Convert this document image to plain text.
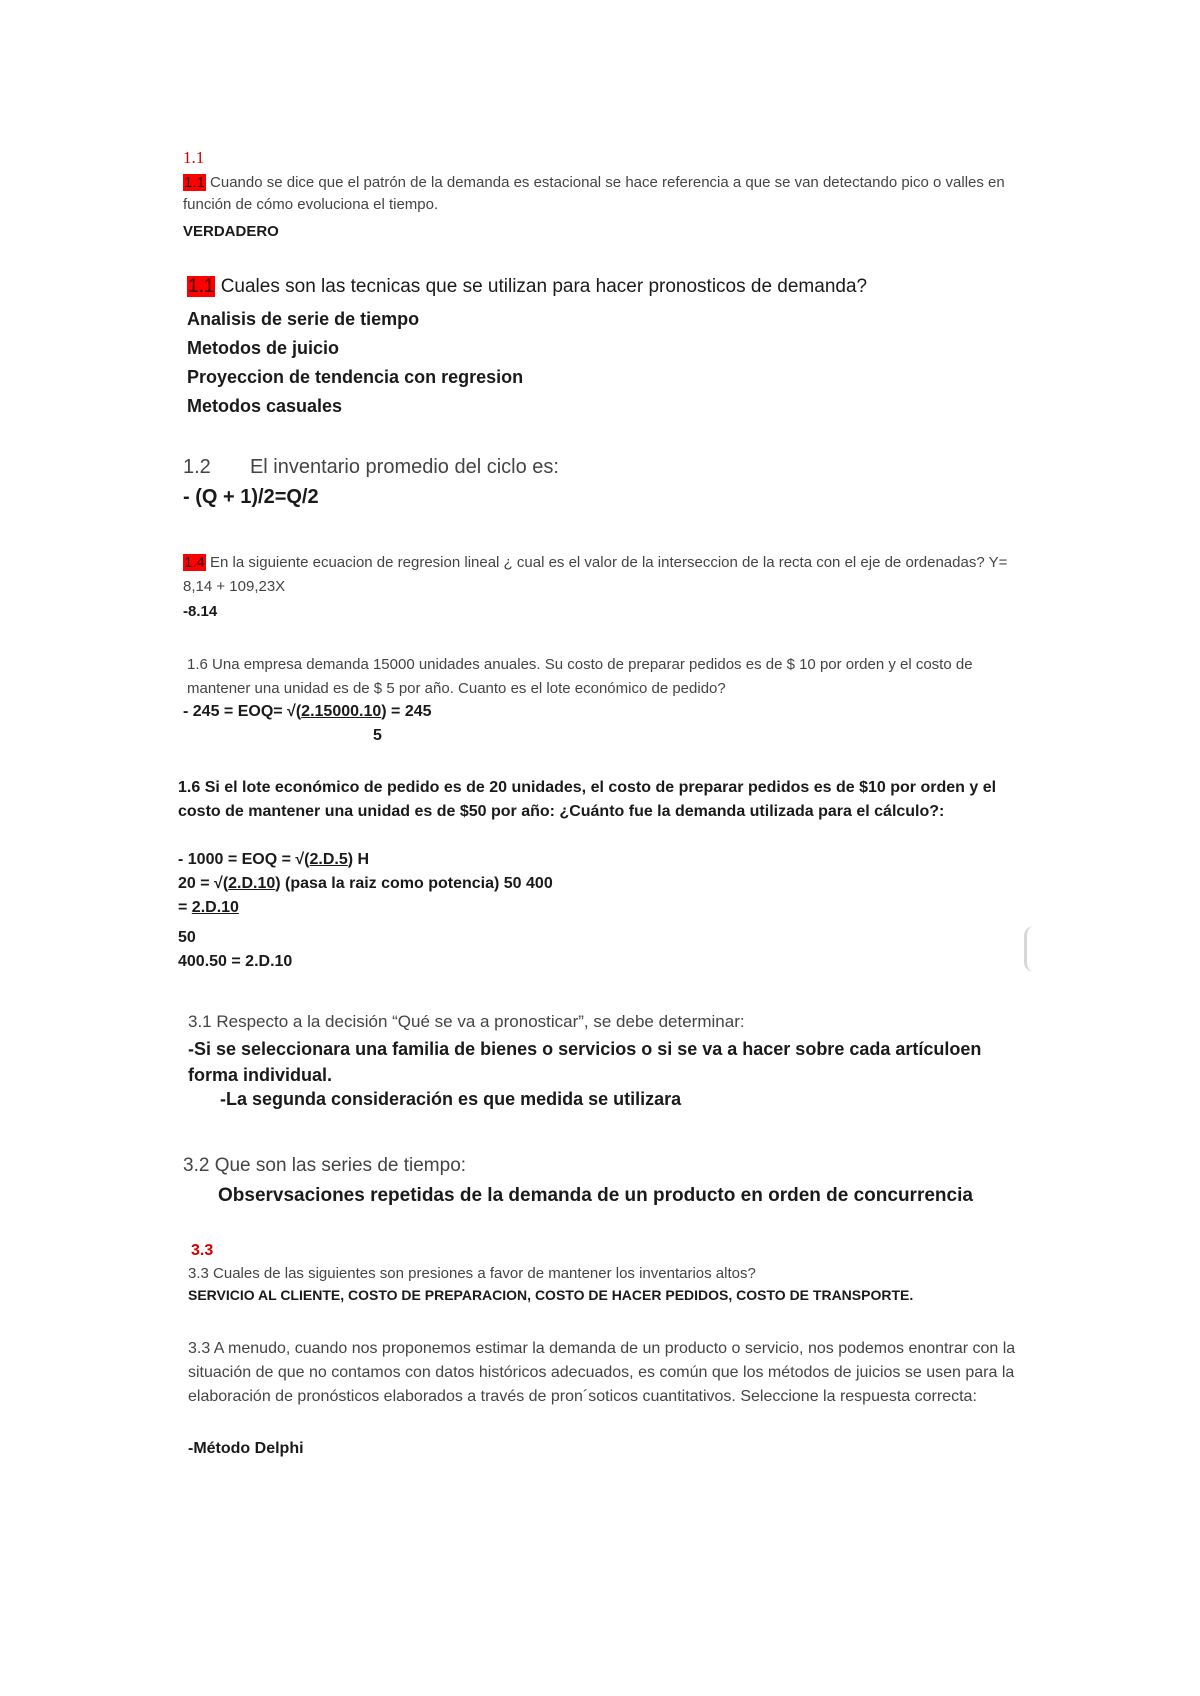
1.1
1.1 Cuando se dice que el patrón de la demanda es estacional se hace referencia a que se van detectando pico o valles en función de cómo evoluciona el tiempo.
VERDADERO
1.1 Cuales son las tecnicas que se utilizan para hacer pronosticos de demanda?

Analisis de serie de tiempo

Metodos de juicio

Proyeccion de tendencia con regresion

Metodos casuales

1.2 El inventario promedio del ciclo es:
- (Q + 1)/2=Q/2
1.4 En la siguiente ecuacion de regresion lineal ¿ cual es el valor de la interseccion de la recta con el eje de ordenadas? Y= 8,14 + 109,23X
-8.14
1.6 Una empresa demanda 15000 unidades anuales. Su costo de preparar pedidos es de $ 10 por orden y el costo de mantener una unidad es de $ 5 por año. Cuanto es el lote económico de pedido?
- 245 = EOQ= √(2.15000.10) = 245
5
1.6 Si el lote económico de pedido es de 20 unidades, el costo de preparar pedidos es de $10 por orden y el costo de mantener una unidad es de $50 por año: ¿Cuánto fue la demanda utilizada para el cálculo?:
- 1000 = EOQ = √(2.D.5) H
20 = √(2.D.10) (pasa la raiz como potencia) 50 400
= 2.D.10
50
400.50 = 2.D.10
3.1 Respecto a la decisión “Qué se va a pronosticar”, se debe determinar:
-Si se seleccionara una familia de bienes o servicios o si se va a hacer sobre cada artículoen forma individual.
-La segunda consideración es que medida se utilizara
3.2 Que son las series de tiempo:
Observsaciones repetidas de la demanda de un producto en orden de concurrencia
3.3
3.3 Cuales de las siguientes son presiones a favor de mantener los inventarios altos?
SERVICIO AL CLIENTE, COSTO DE PREPARACION, COSTO DE HACER PEDIDOS, COSTO DE TRANSPORTE.
3.3 A menudo, cuando nos proponemos estimar la demanda de un producto o servicio, nos podemos enontrar con la situación de que no contamos con datos históricos adecuados, es común que los métodos de juicios se usen para la elaboración de pronósticos elaborados a través de pron´soticos cuantitativos. Seleccione la respuesta correcta:
-Método Delphi
